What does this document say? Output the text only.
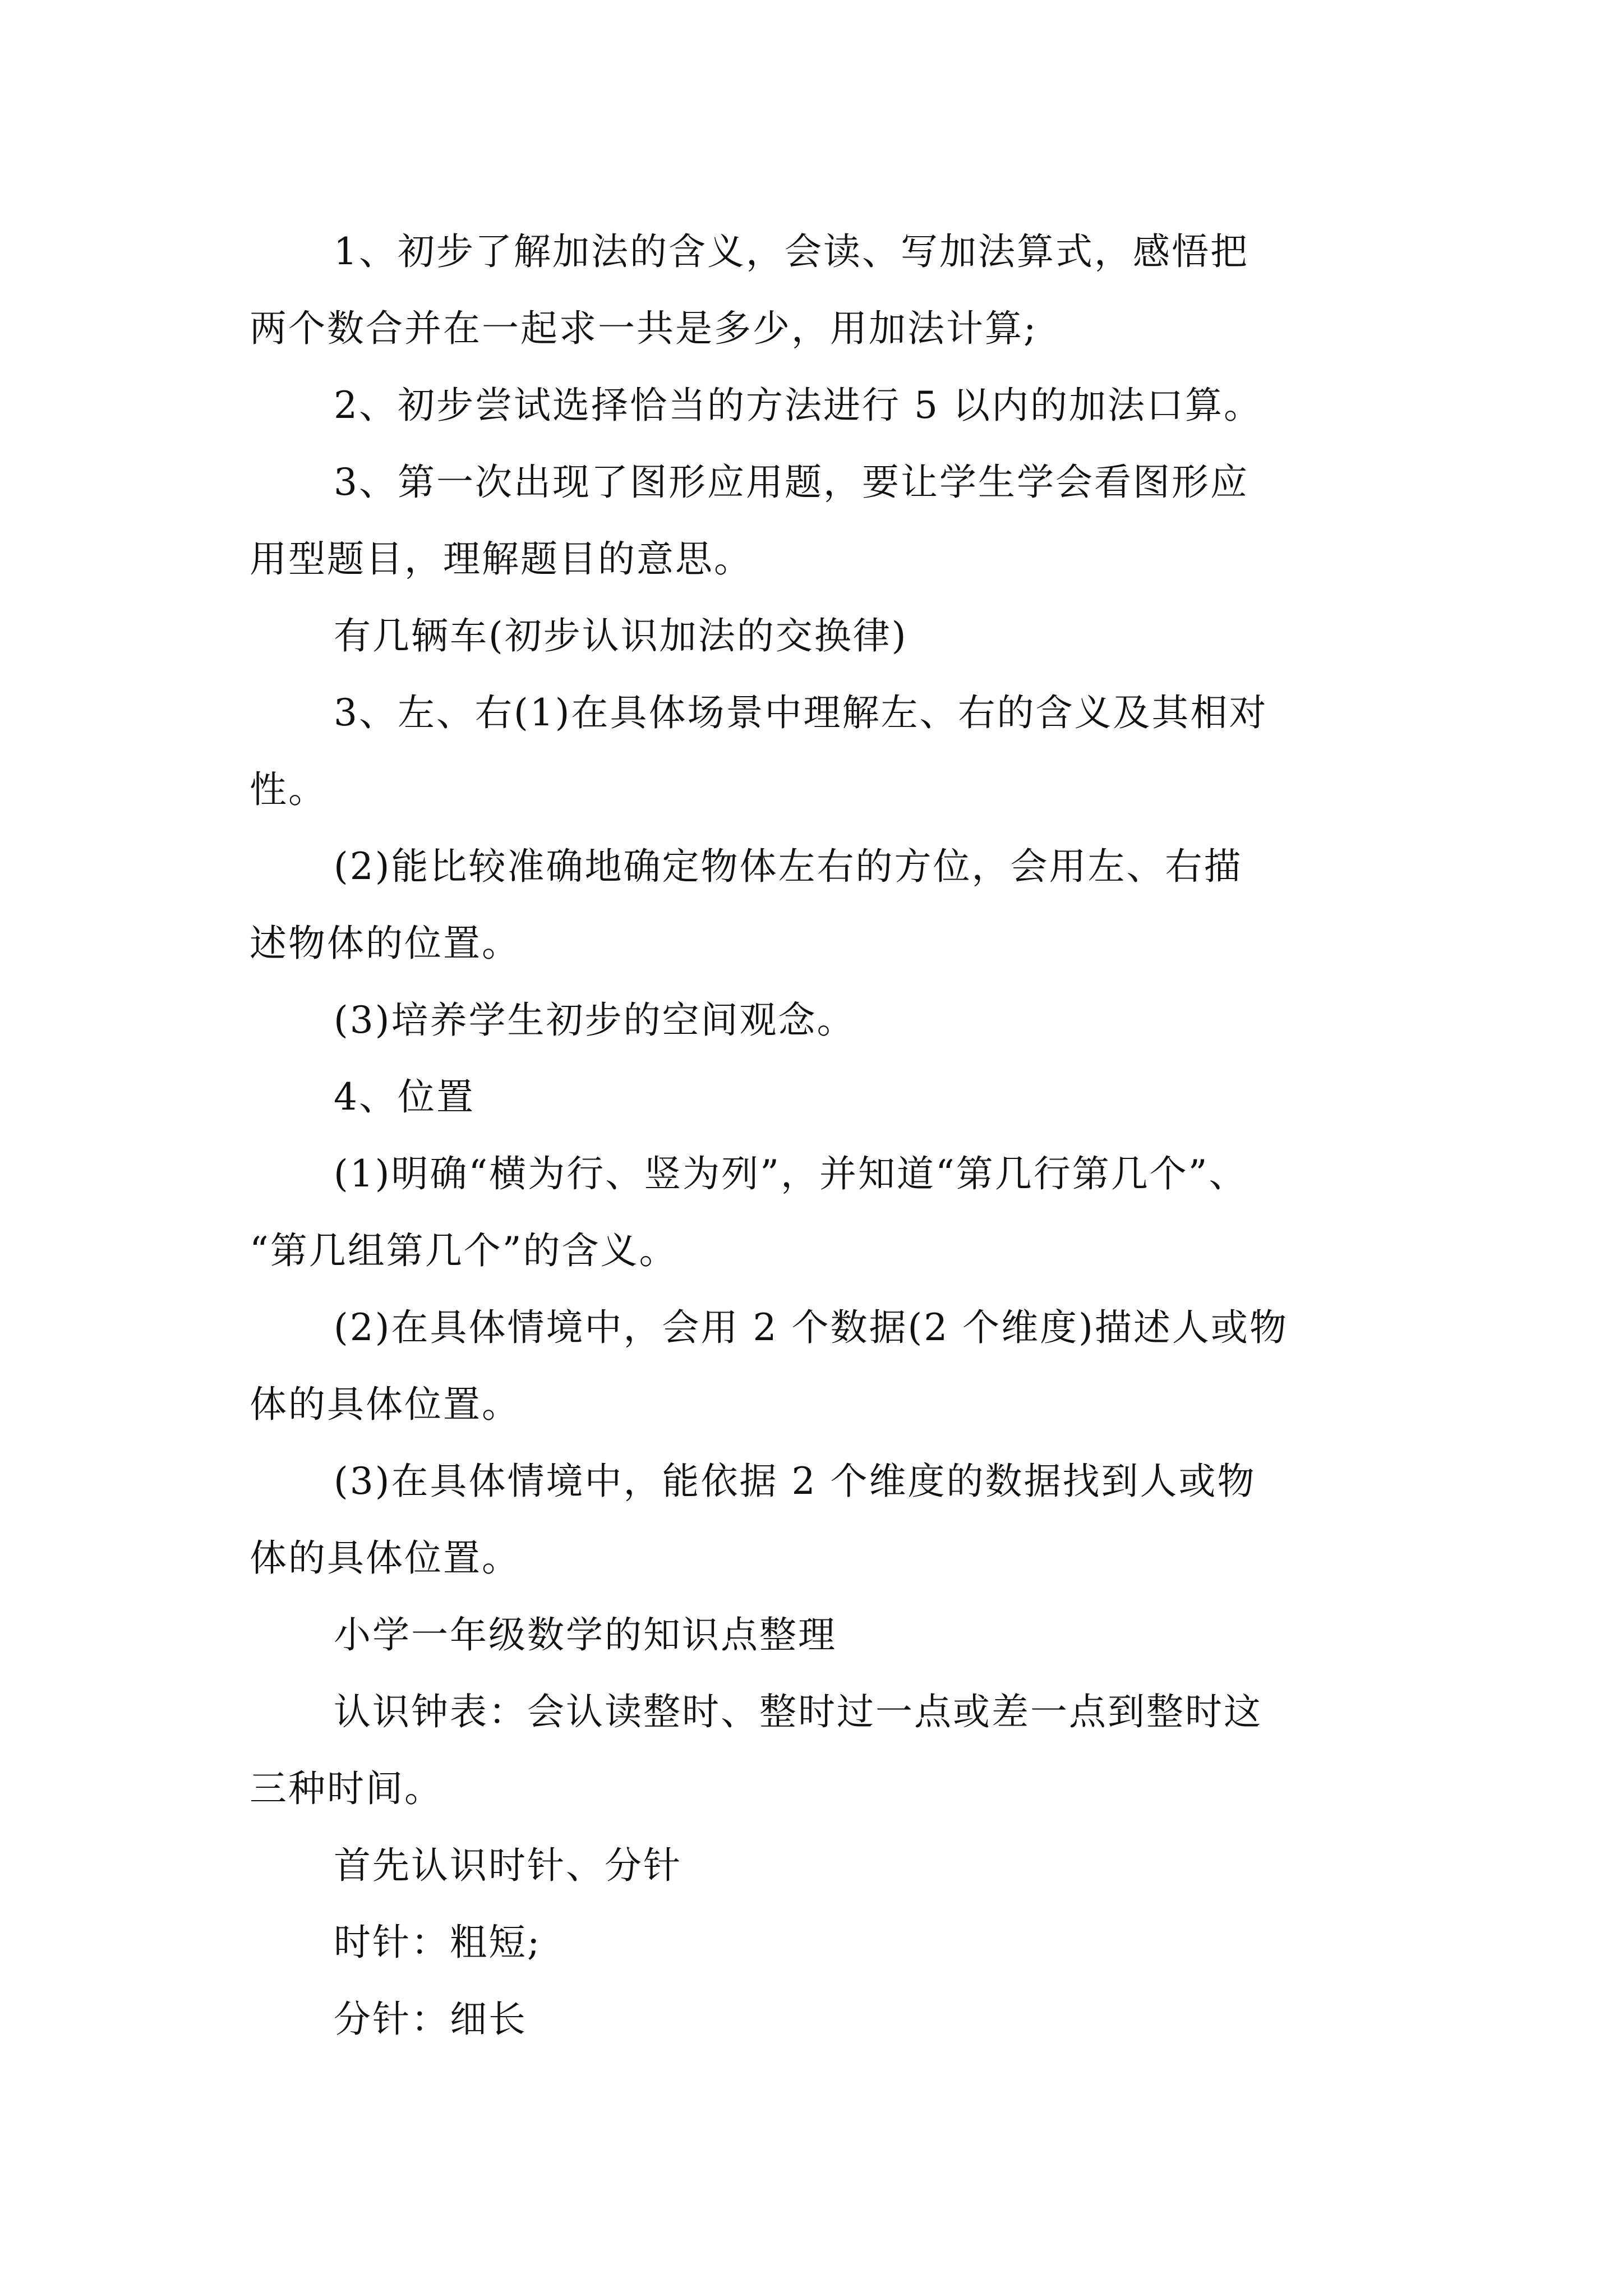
1、初步了解加法的含义，会读、写加法算式，感悟把
两个数合并在一起求一共是多少，用加法计算;
2、初步尝试选择恰当的方法进行 5 以内的加法口算。
3、第一次出现了图形应用题，要让学生学会看图形应
用型题目，理解题目的意思。
有几辆车(初步认识加法的交换律)
3、左、右(1)在具体场景中理解左、右的含义及其相对
性。
(2)能比较准确地确定物体左右的方位，会用左、右描
述物体的位置。
(3)培养学生初步的空间观念。
4、位置
(1)明确“横为行、竖为列”，并知道“第几行第几个”、
“第几组第几个”的含义。
(2)在具体情境中，会用 2 个数据(2 个维度)描述人或物
体的具体位置。
(3)在具体情境中，能依据 2 个维度的数据找到人或物
体的具体位置。
小学一年级数学的知识点整理
认识钟表：会认读整时、整时过一点或差一点到整时这
三种时间。
首先认识时针、分针
时针：粗短;
分针：细长
